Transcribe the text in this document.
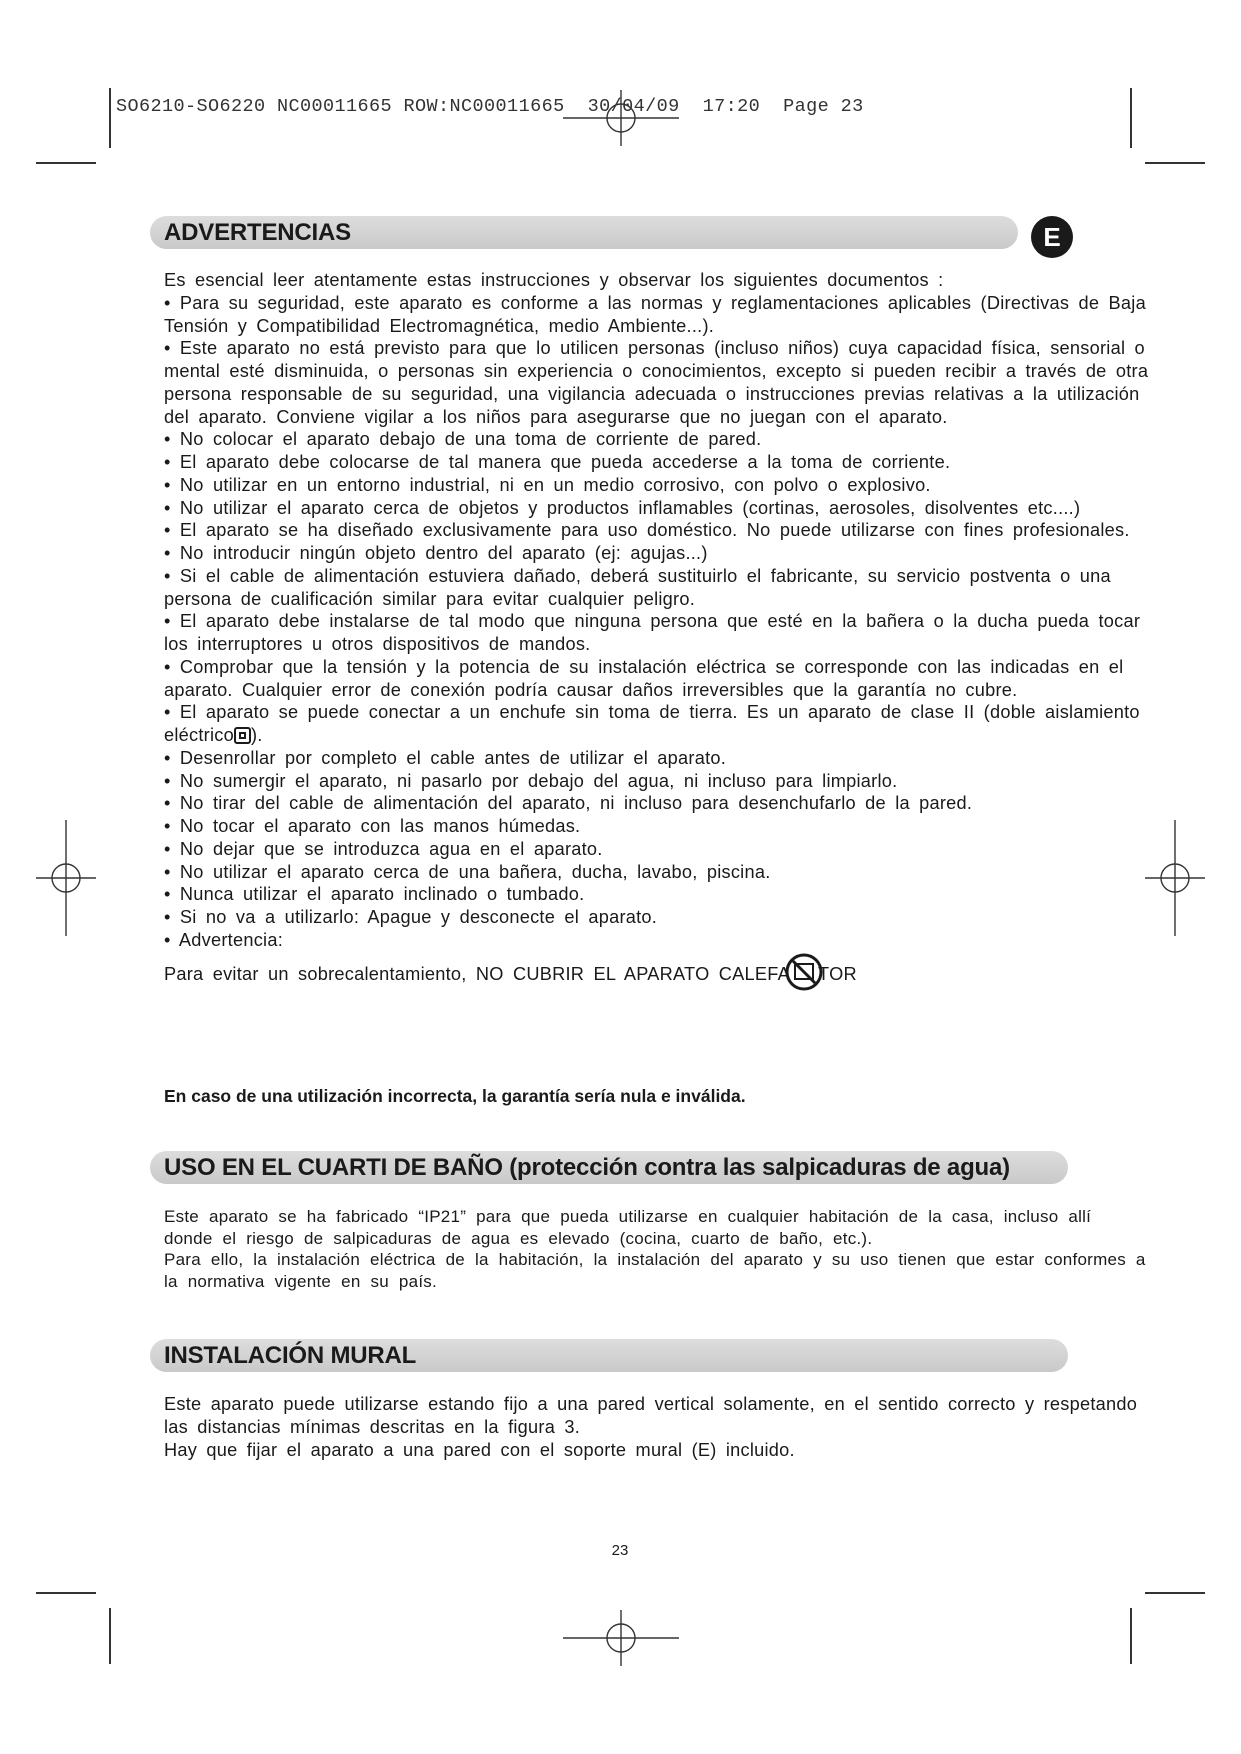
SO6210-SO6220 NC00011665 ROW:NC00011665  30/04/09  17:20  Page 23
ADVERTENCIAS	E

Es esencial leer atentamente estas instrucciones y observar los siguientes documentos :

• Para su seguridad, este aparato es conforme a las normas y reglamentaciones aplicables (Directivas de Baja Tensión y Compatibilidad Electromagnética, medio Ambiente...).

• Este aparato no está previsto para que lo utilicen personas (incluso niños) cuya capacidad física, sensorial o mental esté disminuida, o personas sin experiencia o conocimientos, excepto si pueden recibir a través de otra persona responsable de su seguridad, una vigilancia adecuada o instrucciones previas relativas a la utilización del aparato. Conviene vigilar a los niños para asegurarse que no juegan con el aparato.

• No colocar el aparato debajo de una toma de corriente de pared.

• El aparato debe colocarse de tal manera que pueda accederse a la toma de corriente.

• No utilizar en un entorno industrial, ni en un medio corrosivo, con polvo o explosivo.

• No utilizar el aparato cerca de objetos y productos inflamables (cortinas, aerosoles, disolventes etc....)

• El aparato se ha diseñado exclusivamente para uso doméstico. No puede utilizarse con fines profesionales.

• No introducir ningún objeto dentro del aparato (ej: agujas...)

• Si el cable de alimentación estuviera dañado, deberá sustituirlo el fabricante, su servicio postventa o una persona de cualificación similar para evitar cualquier peligro.

• El aparato debe instalarse de tal modo que ninguna persona que esté en la bañera o la ducha pueda tocar los interruptores u otros dispositivos de mandos.

• Comprobar que la tensión y la potencia de su instalación eléctrica se corresponde con las indicadas en el aparato. Cualquier error de conexión podría causar daños irreversibles que la garantía no cubre.

• El aparato se puede conectar a un enchufe sin toma de tierra. Es un aparato de clase II (doble aislamiento eléctrico ).

• Desenrollar por completo el cable antes de utilizar el aparato.

• No sumergir el aparato, ni pasarlo por debajo del agua, ni incluso para limpiarlo.

• No tirar del cable de alimentación del aparato, ni incluso para desenchufarlo de la pared.

• No tocar el aparato con las manos húmedas.

• No dejar que se introduzca agua en el aparato.

• No utilizar el aparato cerca de una bañera, ducha, lavabo, piscina.

• Nunca utilizar el aparato inclinado o tumbado.

• Si no va a utilizarlo: Apague y desconecte el aparato.

• Advertencia:

Para evitar un sobrecalentamiento, NO CUBRIR EL APARATO CALEFA TOR

En caso de una utilización incorrecta, la garantía sería nula e inválida.
USO EN EL CUARTI DE BAÑO (protección contra las salpicaduras de agua)

Este aparato se ha fabricado “IP21” para que pueda utilizarse en cualquier habitación de la casa, incluso allí donde el riesgo de salpicaduras de agua es elevado (cocina, cuarto de baño, etc.).

Para ello, la instalación eléctrica de la habitación, la instalación del aparato y su uso tienen que estar conformes a la normativa vigente en su país.

INSTALACIÓN MURAL

Este aparato puede utilizarse estando fijo a una pared vertical solamente, en el sentido correcto y respetando las distancias mínimas descritas en la figura 3.

Hay que fijar el aparato a una pared con el soporte mural (E) incluido.

23
